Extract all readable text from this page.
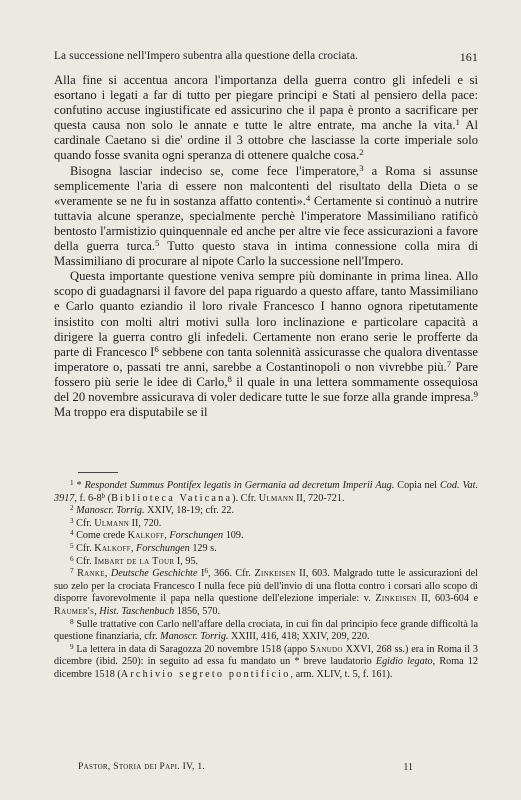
La successione nell'Impero subentra alla questione della crociata.	161

Alla fine si accentua ancora l'importanza della guerra contro gli infedeli e si esortano i legati a far di tutto per piegare principi e Stati al pensiero della pace: confutino accuse ingiustificate ed assicurino che il papa è pronto a sacrificare per questa causa non solo le annate e tutte le altre entrate, ma anche la vita.$^1$ Al cardinale Caetano si die' ordine il 3 ottobre che lasciasse la corte imperiale solo quando fosse svanita ogni speranza di ottenere qualche cosa.$^2$

Bisogna lasciar indeciso se, come fece l'imperatore,$^3$ a Roma si assunse semplicemente l'aria di essere non malcontenti del risultato della Dieta o se «veramente se ne fu in sostanza affatto contenti».$^4$ Certamente si continuò a nutrire tuttavia alcune speranze, specialmente perchè l'imperatore Massimiliano ratificò bentosto l'armistizio quinquennale ed anche per altre vie fece assicurazioni a favore della guerra turca.$^5$ Tutto questo stava in intima connessione colla mira di Massimiliano di procurare al nipote Carlo la successione nell'Impero.

Questa importante questione veniva sempre più dominante in prima linea. Allo scopo di guadagnarsi il favore del papa riguardo a questo affare, tanto Massimiliano e Carlo quanto eziandio il loro rivale Francesco I hanno ognora ripetutamente insistito con molti altri motivi sulla loro inclinazione e particolare capacità a dirigere la guerra contro gli infedeli. Certamente non erano serie le profferte da parte di Francesco $I^6$ sebbene con tanta solennità assicurasse che qualora diventasse imperatore o, passati tre anni, sarebbe a Costantinopoli o non vivrebbe più.$^7$ Pare fossero più serie le idee di Carlo,$^8$ il quale in una lettera sommamente ossequiosa del 20 novembre assicurava di voler dedicare tutte le sue forze alla grande impresa.$^9$ Ma troppo era disputabile se il

$^1$ * Respondet Summus Pontifex legatis in Germania ad decretum Imperii Aug. Copia nel Cod. Vat. 3917, f. 6-8$^b$ (Biblioteca Vaticana). Cfr. Ulmann II, 720-721.
$^2$ Manoscr. Torrig. XXIV, 18-19; cfr. 22.
$^3$ Cfr. Ulmann II, 720.
$^4$ Come crede Kalkoff, Forschungen 109.
$^5$ Cfr. Kalkoff, Forschungen 129 s.
$^6$ Cfr. Imbart de la Tour I, 95.
$^7$ Ranke, Deutsche Geschichte $I^6$, 366. Cfr. Zinkeisen II, 603. Malgrado tutte le assicurazioni del suo zelo per la crociata Francesco I nulla fece più dell'invio di una flotta contro i corsari allo scopo di disporre favorevolmente il papa nella questione dell'elezione imperiale: v. Zinkeisen II, 603-604 e Raumer's, Hist. Taschenbuch 1856, 570.
$^8$ Sulle trattative con Carlo nell'affare della crociata, in cui fin dal principio fece grande difficoltà la questione finanziaria, cfr. Manoscr. Torrig. XXIII, 416, 418; XXIV, 209, 220.
$^9$ La lettera in data di Saragozza 20 novembre 1518 (appo Sanudo XXVI, 268 ss.) era in Roma il 3 dicembre (ibid. 250): in seguito ad essa fu mandato un * breve laudatorio Egidio legato, Roma 12 dicembre 1518 (Archivio segreto pontificio, arm. XLIV, t. 5, f. 161).
Pastor, Storia dei Papi. IV, 1.	11
